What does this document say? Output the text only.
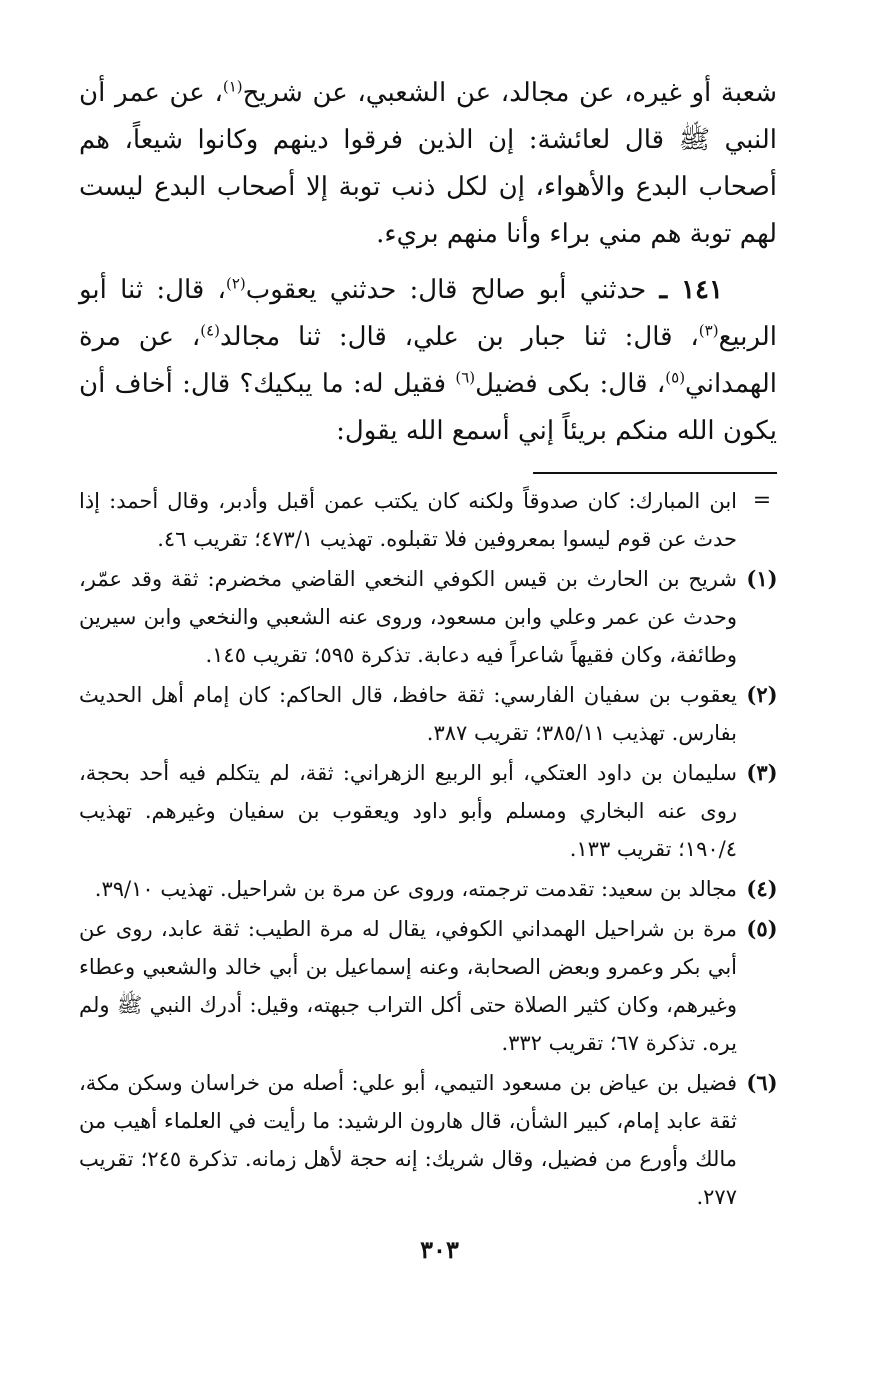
شعبة أو غيره، عن مجالد، عن الشعبي، عن شريح$^{(١)}$، عن عمر أن النبي ﷺ قال لعائشة: إن الذين فرقوا دينهم وكانوا شيعاً، هم أصحاب البدع والأهواء، إن لكل ذنب توبة إلا أصحاب البدع ليست لهم توبة هم مني براء وأنا منهم بريء.

١٤١ ـ حدثني أبو صالح قال: حدثني يعقوب$^{(٢)}$، قال: ثنا أبو الربيع$^{(٣)}$، قال: ثنا جبار بن علي، قال: ثنا مجالد$^{(٤)}$، عن مرة الهمداني$^{(٥)}$، قال: بكى فضيل$^{(٦)}$ فقيل له: ما يبكيك؟ قال: أخاف أن يكون الله منكم بريئاً إني أسمع الله يقول:

=

ابن المبارك: كان صدوقاً ولكنه كان يكتب عمن أقبل وأدبر، وقال أحمد: إذا حدث عن قوم ليسوا بمعروفين فلا تقبلوه. تهذيب ٤٧٣/١؛ تقريب ٤٦.

(١)

شريح بن الحارث بن قيس الكوفي النخعي القاضي مخضرم: ثقة وقد عمّر، وحدث عن عمر وعلي وابن مسعود، وروى عنه الشعبي والنخعي وابن سيرين وطائفة، وكان فقيهاً شاعراً فيه دعابة. تذكرة ٥٩٥؛ تقريب ١٤٥.

(٢)

يعقوب بن سفيان الفارسي: ثقة حافظ، قال الحاكم: كان إمام أهل الحديث بفارس. تهذيب ٣٨٥/١١؛ تقريب ٣٨٧.

(٣)

سليمان بن داود العتكي، أبو الربيع الزهراني: ثقة، لم يتكلم فيه أحد بحجة، روى عنه البخاري ومسلم وأبو داود ويعقوب بن سفيان وغيرهم. تهذيب ١٩٠/٤؛ تقريب ١٣٣.

(٤)

مجالد بن سعيد: تقدمت ترجمته، وروى عن مرة بن شراحيل. تهذيب ٣٩/١٠.

(٥)

مرة بن شراحيل الهمداني الكوفي، يقال له مرة الطيب: ثقة عابد، روى عن أبي بكر وعمرو وبعض الصحابة، وعنه إسماعيل بن أبي خالد والشعبي وعطاء وغيرهم، وكان كثير الصلاة حتى أكل التراب جبهته، وقيل: أدرك النبي ﷺ ولم يره. تذكرة ٦٧؛ تقريب ٣٣٢.

(٦)

فضيل بن عياض بن مسعود التيمي، أبو علي: أصله من خراسان وسكن مكة، ثقة عابد إمام، كبير الشأن، قال هارون الرشيد: ما رأيت في العلماء أهيب من مالك وأورع من فضيل، وقال شريك: إنه حجة لأهل زمانه. تذكرة ٢٤٥؛ تقريب ٢٧٧.

٣٠٣
